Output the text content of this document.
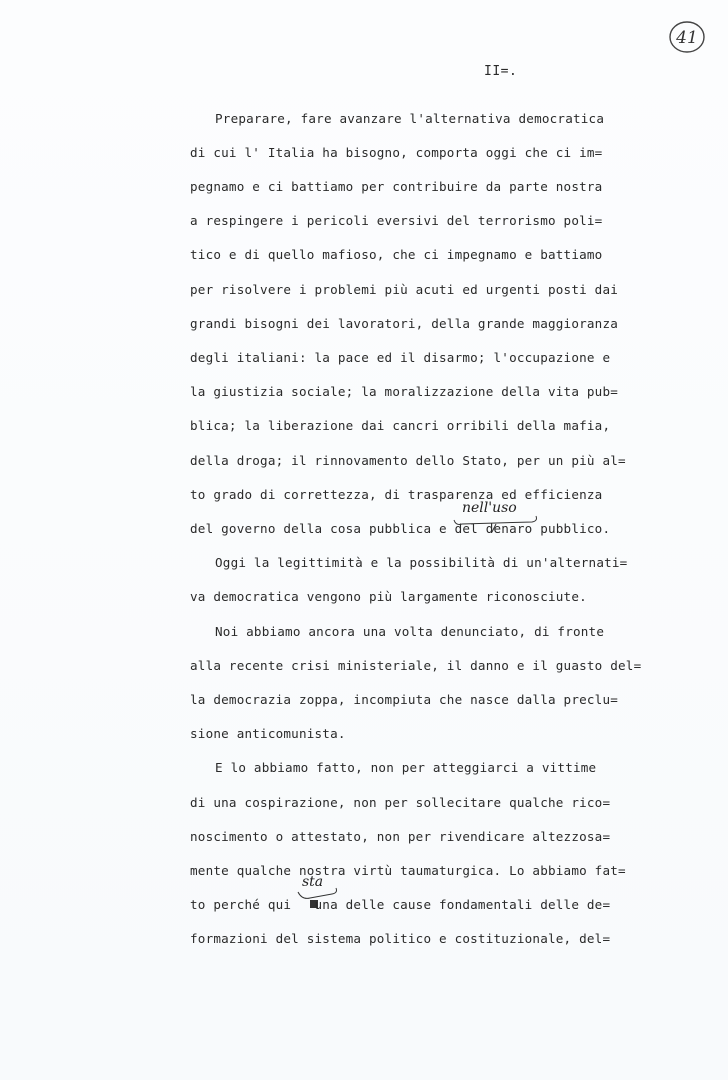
41
II=.
Preparare, fare avanzare l'alternativa democratica
di cui l' Italia ha bisogno, comporta oggi che ci im=
pegnamo e ci battiamo per contribuire da parte nostra
a respingere i pericoli eversivi del terrorismo poli=
tico e di quello mafioso, che ci impegnamo e battiamo
per risolvere i problemi più acuti ed urgenti posti dai
grandi bisogni dei lavoratori, della grande maggioranza
degli italiani: la pace ed il disarmo; l'occupazione e
la giustizia sociale; la moralizzazione della vita pub=
blica; la liberazione dai cancri orribili della mafia,
della droga; il rinnovamento dello Stato, per un più al=
to grado di correttezza, di trasparenza ed efficienza
del governo della cosa pubblica e del denaro pubblico.
nell'uso
Oggi la legittimità e la possibilità di un'alternati=
va democratica vengono più largamente riconosciute.
Noi abbiamo ancora una volta denunciato, di fronte
alla recente crisi ministeriale, il danno e il guasto del=
la democrazia zoppa, incompiuta che nasce dalla preclu=
sione anticomunista.
E lo abbiamo fatto, non per atteggiarci a vittime
di una cospirazione, non per sollecitare qualche rico=
noscimento o attestato, non per rivendicare altezzosa=
mente qualche nostra virtù taumaturgica. Lo abbiamo fat=
sta
to perché qui   una delle cause fondamentali delle de=
formazioni del sistema politico e costituzionale, del=
